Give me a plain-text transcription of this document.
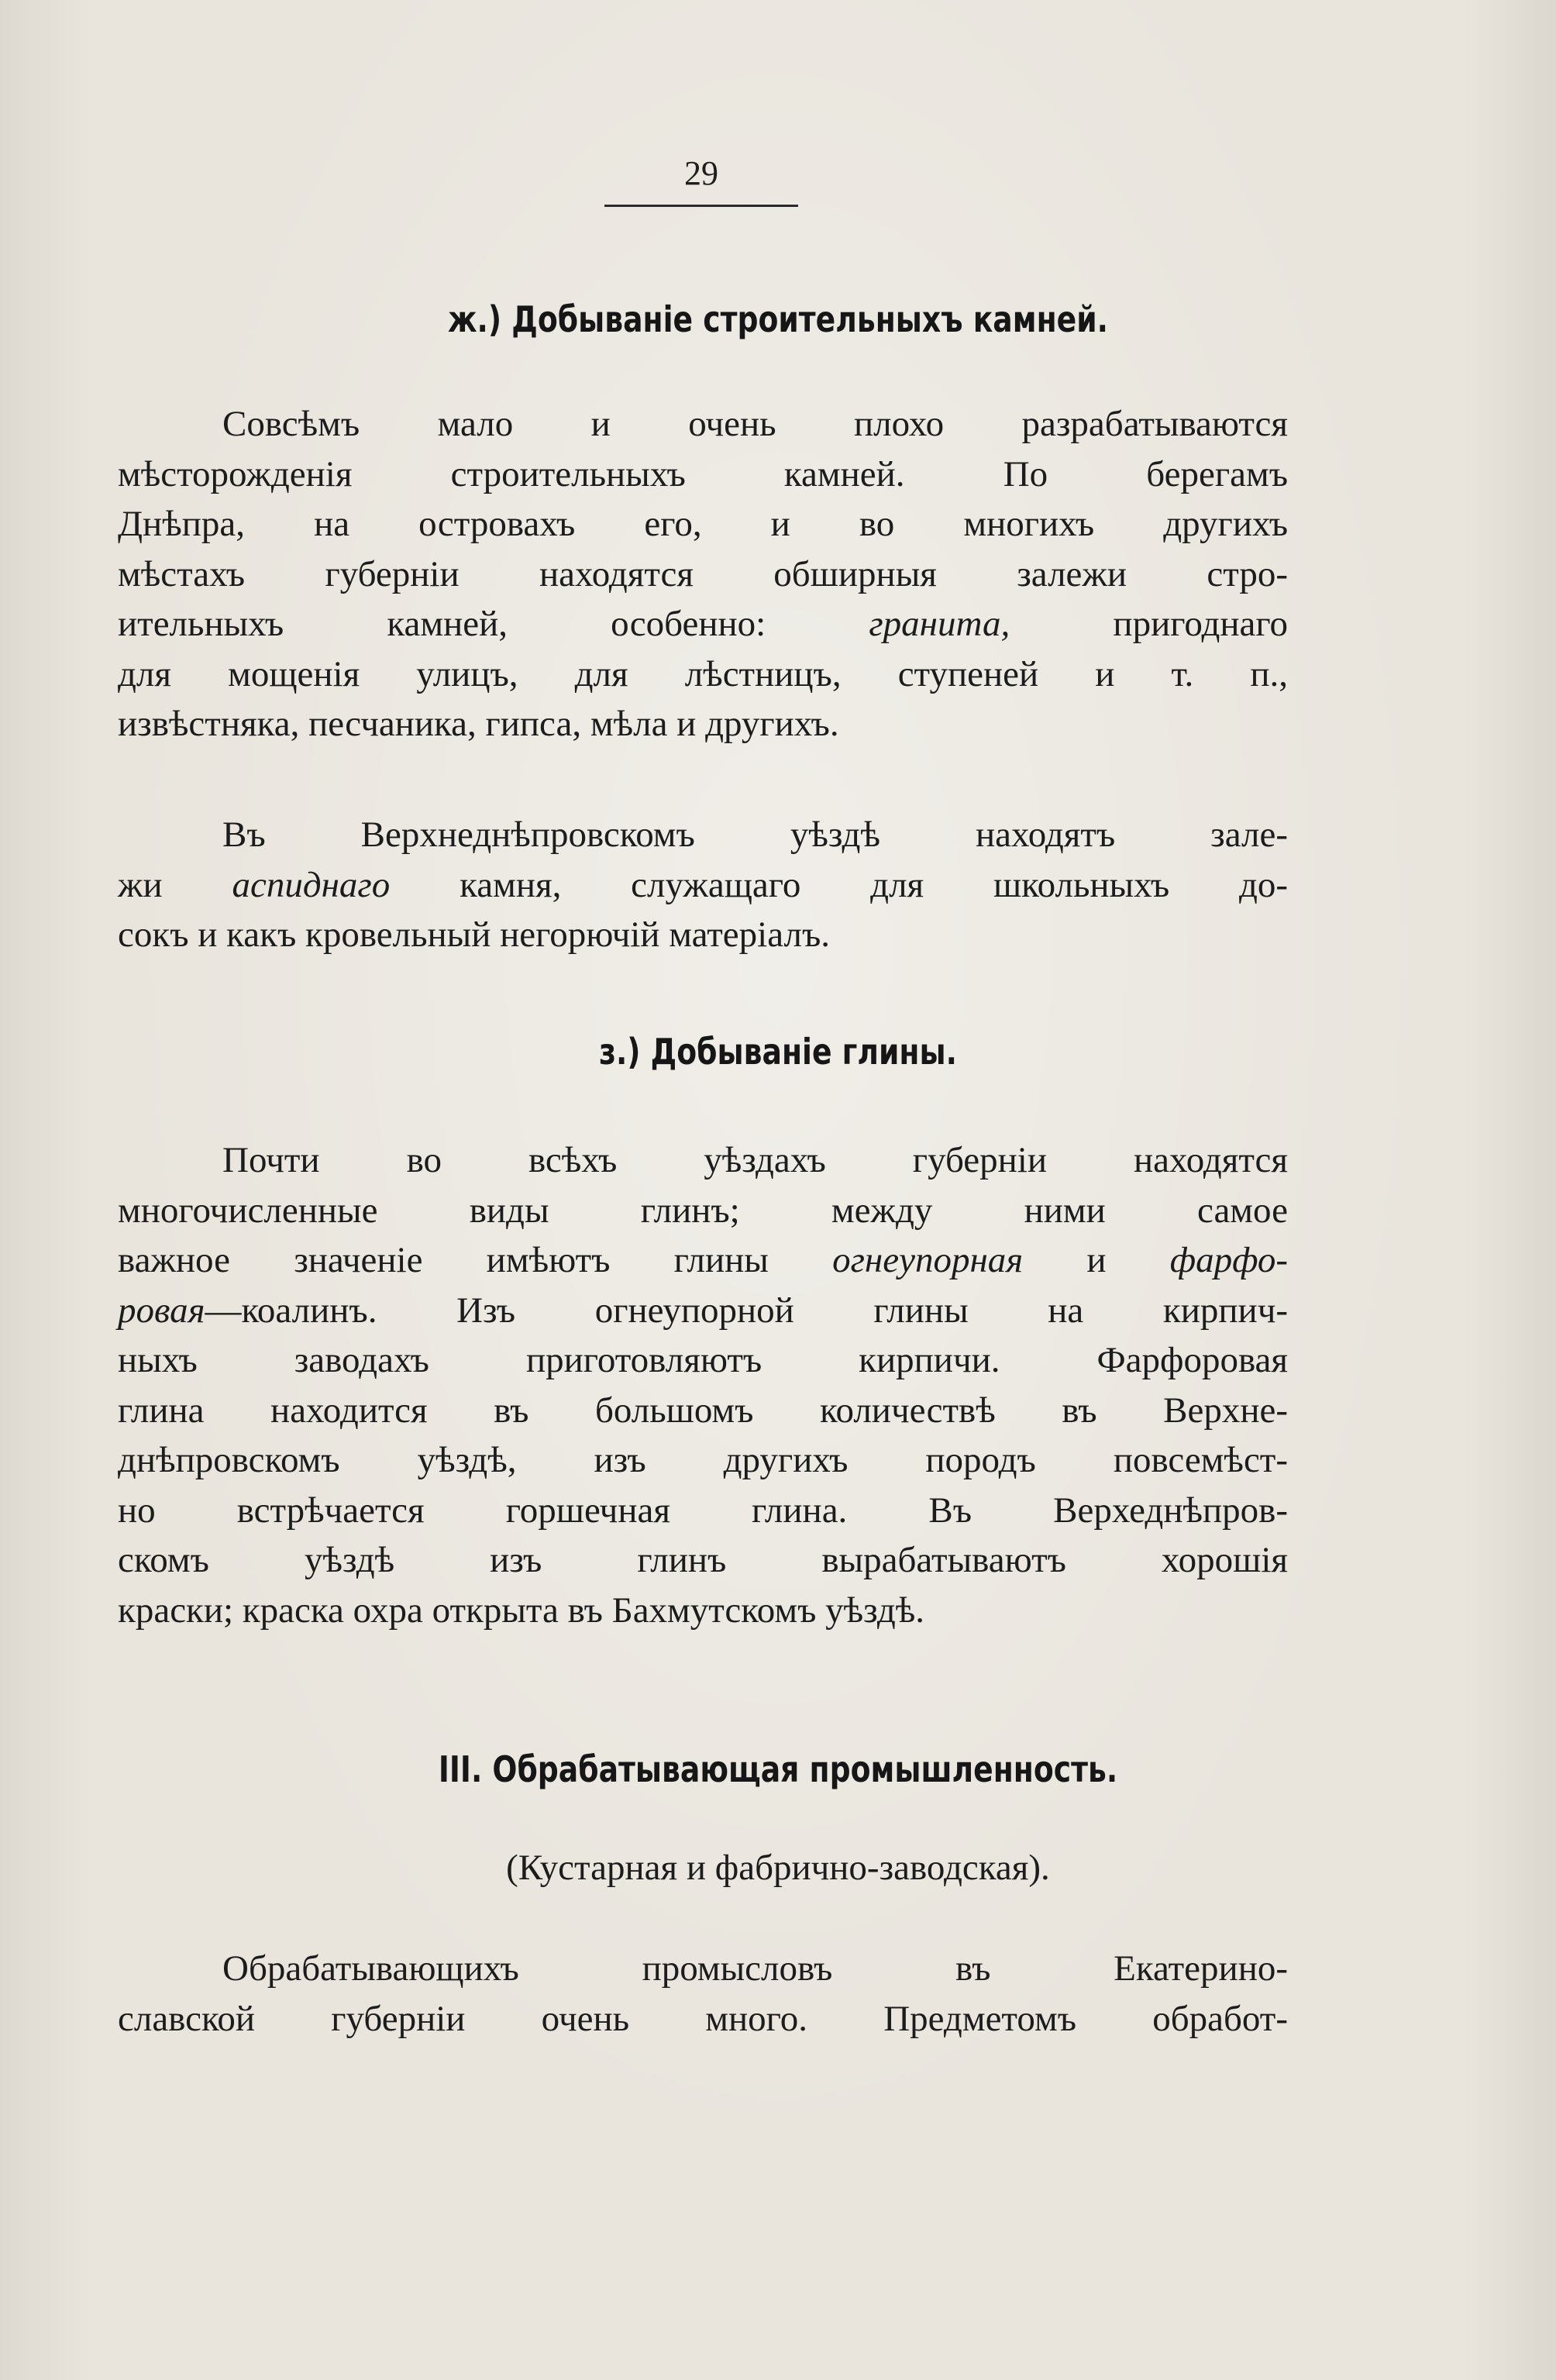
29
ж.) Добываніе строительныхъ камней.
Совсѣмъ мало и очень плохо разрабатываются
мѣсторожденія строительныхъ камней. По берегамъ
Днѣпра, на островахъ его, и во многихъ другихъ
мѣстахъ губерніи находятся обширныя залежи стро-
ительныхъ камней, особенно:	гранита,	пригоднаго
для мощенія улицъ, для лѣстницъ, ступеней и т. п.,
извѣстняка, песчаника, гипса, мѣла и другихъ.
Въ Верхнеднѣпровскомъ уѣздѣ находятъ зале-
жи аспиднаго камня, служащаго для школьныхъ до-
сокъ и какъ кровельный негорючій матеріалъ.
з.) Добываніе глины.
Почти во всѣхъ уѣздахъ губерніи находятся
многочисленные виды глинъ; между ними самое
важное значеніе имѣютъ глины огнеупорная и фарфо-
ровая—коалинъ. Изъ огнеупорной глины на кирпич-
ныхъ заводахъ приготовляютъ кирпичи. Фарфоровая
глина находится въ большомъ количествѣ въ Верхне-
днѣпровскомъ уѣздѣ, изъ другихъ породъ повсемѣст-
но встрѣчается горшечная глина. Въ Верхеднѣпров-
скомъ уѣздѣ изъ глинъ вырабатываютъ хорошія
краски; краска охра открыта въ Бахмутскомъ уѣздѣ.
III. Обрабатывающая промышленность.
(Кустарная и фабрично-заводская).
Обрабатывающихъ промысловъ въ Екатерино-
славской губерніи очень много. Предметомъ обработ-
